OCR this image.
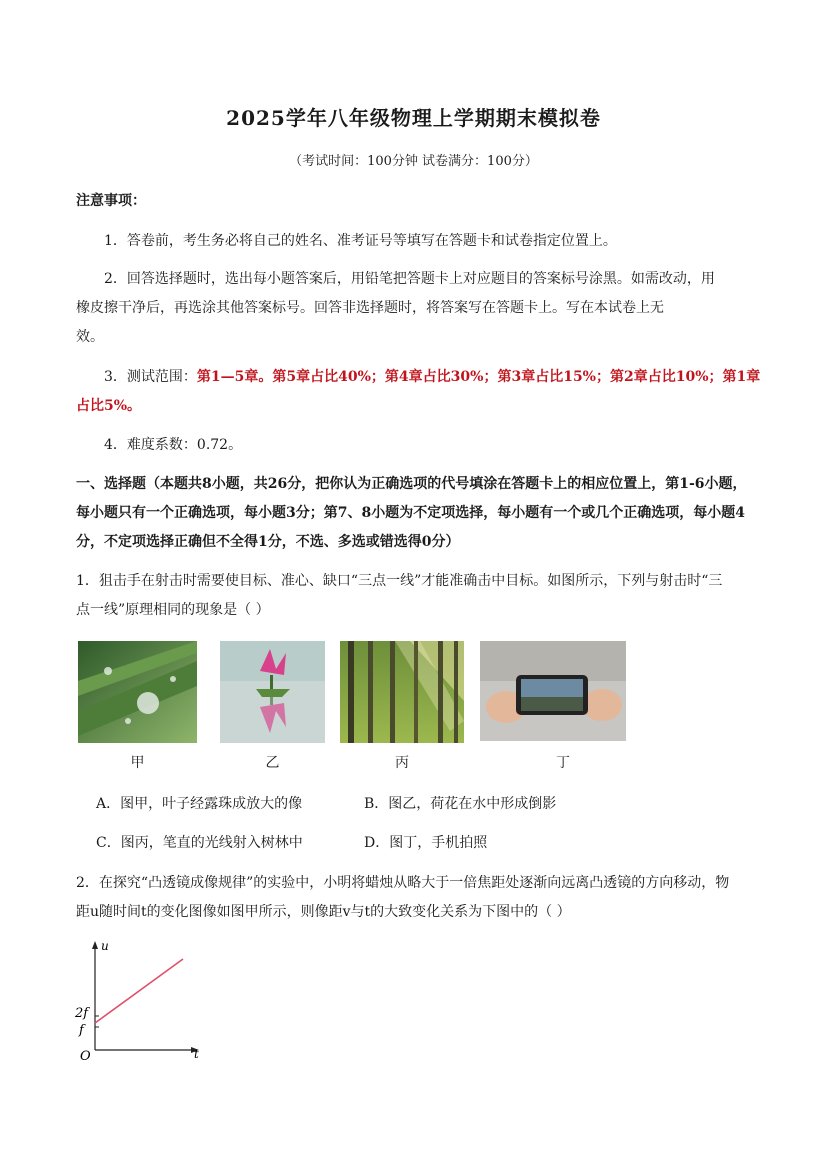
2025学年八年级物理上学期期末模拟卷
（考试时间：100分钟 试卷满分：100分）
注意事项：
1．答卷前，考生务必将自己的姓名、准考证号等填写在答题卡和试卷指定位置上。
2．回答选择题时，选出每小题答案后，用铅笔把答题卡上对应题目的答案标号涂黑。如需改动，用
橡皮擦干净后，再选涂其他答案标号。回答非选择题时，将答案写在答题卡上。写在本试卷上无
效。
3．测试范围：第1—5章。第5章占比40%；第4章占比30%；第3章占比15%；第2章占比10%；第1章
占比5%。
4．难度系数：0.72。
一、选择题（本题共8小题，共26分，把你认为正确选项的代号填涂在答题卡上的相应位置上，第1-6小题，
每小题只有一个正确选项，每小题3分；第7、8小题为不定项选择，每小题有一个或几个正确选项，每小题4
分，不定项选择正确但不全得1分，不选、多选或错选得0分）
1．狙击手在射击时需要使目标、准心、缺口“三点一线”才能准确击中目标。如图所示，下列与射击时“三
点一线”原理相同的现象是（ ）
甲	乙	丙	丁
A．图甲，叶子经露珠成放大的像	B．图乙，荷花在水中形成倒影
C．图丙，笔直的光线射入树林中	D．图丁，手机拍照
2．在探究“凸透镜成像规律”的实验中，小明将蜡烛从略大于一倍焦距处逐渐向远离凸透镜的方向移动，物
距u随时间t的变化图像如图甲所示，则像距v与t的大致变化关系为下图中的（ ）
u
t
O
2f
f
